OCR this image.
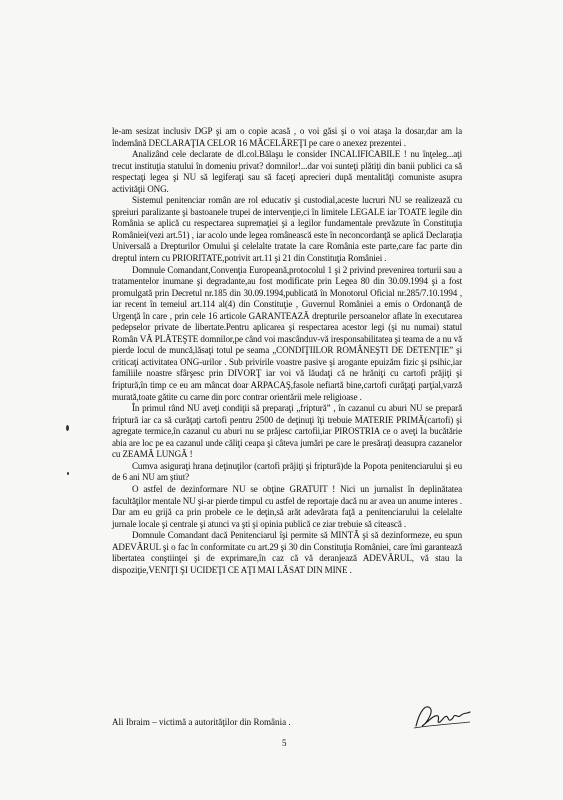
le-am sesizat inclusiv DGP şi am o copie acasă , o voi găsi şi o voi ataşa la dosar,dar am la îndemână DECLARAŢIA CELOR 16 MĂCELĂREŢI pe care o anexez prezentei .

Analizând cele declarate de dl.col.Bălaşu le consider INCALIFICABILE ! nu înţeleg...aţi trecut instituţia statului în domeniu privat? domnilor!...dar voi sunteţi plătiţi din banii publici ca să respectaţi legea şi NU să legiferaţi sau să faceţi aprecieri după mentalităţi comuniste asupra activităţii ONG.

Sistemul penitenciar român are rol educativ şi custodial,aceste lucruri NU se realizează cu şpreiuri paralizante şi bastoanele trupei de intervenţie,ci în limitele LEGALE iar TOATE legile din România se aplică cu respectarea supremaţiei şi a legilor fundamentale prevăzute în Constituţia României(vezi art.51) , iar acolo unde legea românească este în neconcordanţă se aplică Declaraţia Universală a Drepturilor Omului şi celelalte tratate la care România este parte,care fac parte din dreptul intern cu PRIORITATE,potrivit art.11 şi 21 din Constituţia României .

Domnule Comandant,Convenţia Europeană,protocolul 1 şi 2 privind prevenirea torturii sau a tratamentelor inumane şi degradante,au fost modificate prin Legea 80 din 30.09.1994 şi a fost promulgată prin Decretul nr.185 din 30.09.1994,publicată în Monotorul Oficial nr.285/7.10.1994 , iar recent în temeiul art.114 al(4) din Constituţie , Guvernul României a emis o Ordonanţă de Urgenţă în care , prin cele 16 articole GARANTEAZĂ drepturile persoanelor aflate în executarea pedepselor private de libertate.Pentru aplicarea şi respectarea acestor legi (şi nu numai) statul Român VĂ PLĂTEŞTE domnilor,pe când voi mascânduv-vă iresponsabilitatea şi teama de a nu vă pierde locul de muncă,lăsaţi totul pe seama „CONDIŢIILOR ROMÂNEŞTI DE DETENŢIE” şi criticaţi activitatea ONG-urilor . Sub privirile voastre pasive şi arogante epuizăm fizic şi psihic,iar familiile noastre sfârşesc prin DIVORŢ iar voi vă lăudaţi că ne hrăniţi cu cartofi prăjiţi şi friptură,în timp ce eu am mâncat doar ARPACAŞ,fasole nefiartă bine,cartofi curăţaţi parţial,varză murată,toate gătite cu carne din porc contrar orientării mele religioase .

În primul rând NU aveţi condiţii să preparaţi „friptură” , în cazanul cu aburi NU se prepară friptură iar ca să curăţaţi cartofi pentru 2500 de deţinuţi îţi trebuie MATERIE PRIMĂ(cartofi) şi agregate termice,în cazanul cu aburi nu se prăjesc cartofii,iar PIROSTRIA ce o aveţi la bucătărie abia are loc pe ea cazanul unde căliţi ceapa şi câteva jumări pe care le presăraţi deasupra cazanelor cu ZEAMĂ LUNGĂ !

Cumva asiguraţi hrana deţinuţilor (cartofi prăjiţi şi friptură)de la Popota penitenciarului şi eu de 6 ani NU am ştiut?

O astfel de dezinformare NU se obţine GRATUIT ! Nici un jurnalist în deplinătatea facultăţilor mentale NU şi-ar pierde timpul cu astfel de reportaje dacă nu ar avea un anume interes . Dar am eu grijă ca prin probele ce le deţin,să arăt adevărata faţă a penitenciarului la celelalte jurnale locale şi centrale şi atunci va şti şi opinia publică ce ziar trebuie să citească .

Domnule Comandant dacă Penitenciarul îşi permite să MINTĂ şi să dezinformeze, eu spun ADEVĂRUL şi o fac în conformitate cu art.29 şi 30 din Constituţia României, care îmi garantează libertatea conştiinţei şi de exprimare,în caz că vă deranjează ADEVĂRUL, vă stau la dispoziţie,VENIŢI ŞI UCIDEŢI CE AŢI MAI LĂSAT DIN MINE .

Ali Ibraim – victimă a autorităţilor din România .
5
